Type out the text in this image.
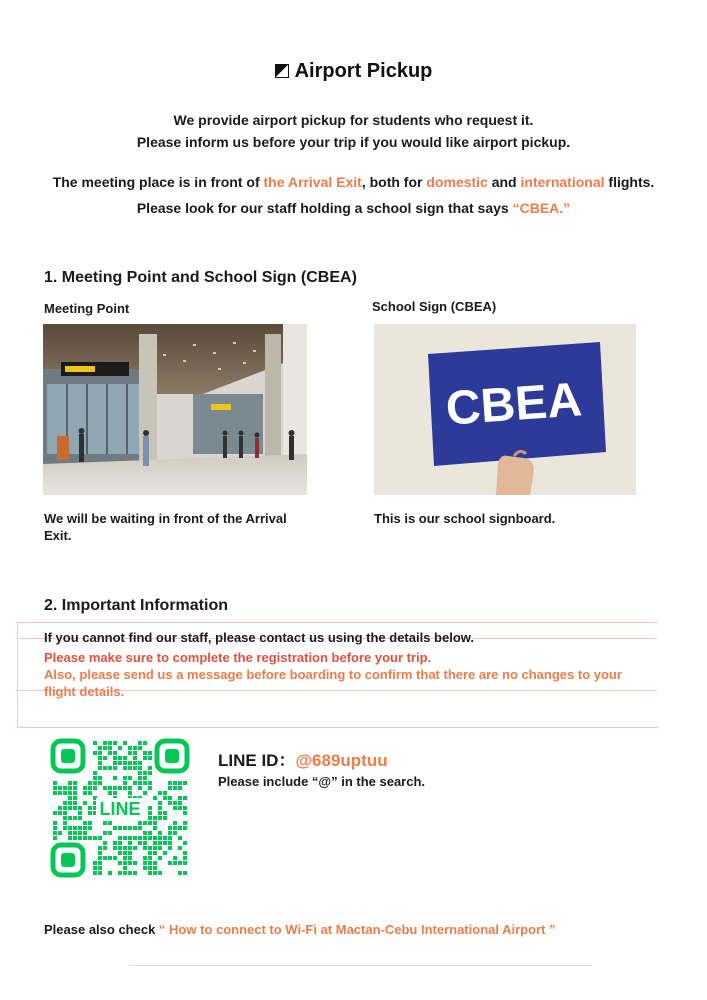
Airport Pickup
We provide airport pickup for students who request it.
Please inform us before your trip if you would like airport pickup.
The meeting place is in front of the Arrival Exit, both for domestic and international flights.
Please look for our staff holding a school sign that says “CBEA.”
1. Meeting Point and School Sign (CBEA)
Meeting Point	School Sign (CBEA)
CBEA
We will be waiting in front of the Arrival Exit.
This is our school signboard.
2. Important Information
If you cannot find our staff, please contact us using the details below.
Please make sure to complete the registration before your trip.
Also, please send us a message before boarding to confirm that there are no changes to your flight details.
LINE
LINE ID：@689uptuu
Please include “@” in the search.
Please also check “ How to connect to Wi-Fi at Mactan-Cebu International Airport ”
